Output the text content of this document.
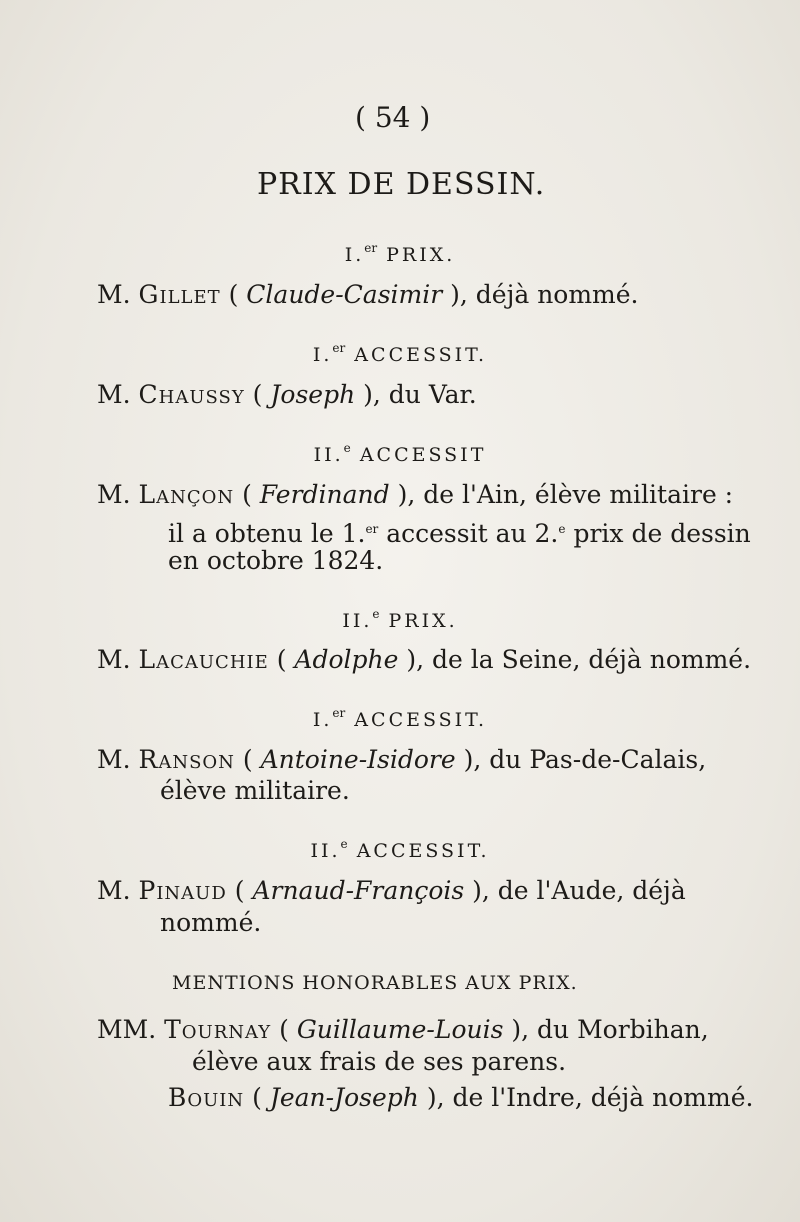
( 54 )
PRIX DE DESSIN.
I.$^{er}$ PRIX.
M. Gillet ( Claude-Casimir ), déjà nommé.
I.$^{er}$ ACCESSIT.
M. Chaussy ( Joseph ), du Var.
II.$^e$ ACCESSIT
M. Lançon ( Ferdinand ), de l'Ain, élève militaire :
il a obtenu le 1.$^{er}$ accessit au 2.$^e$ prix de dessin
en octobre 1824.
II.$^e$ PRIX.
M. Lacauchie ( Adolphe ), de la Seine, déjà nommé.
I.$^{er}$ ACCESSIT.
M. Ranson ( Antoine-Isidore ), du Pas-de-Calais,
élève militaire.
II.$^e$ ACCESSIT.
M. Pinaud ( Arnaud-François ), de l'Aude, déjà
nommé.
MENTIONS HONORABLES AUX PRIX.
MM. Tournay ( Guillaume-Louis ), du Morbihan,
élève aux frais de ses parens.
Bouin ( Jean-Joseph ), de l'Indre, déjà nommé.
